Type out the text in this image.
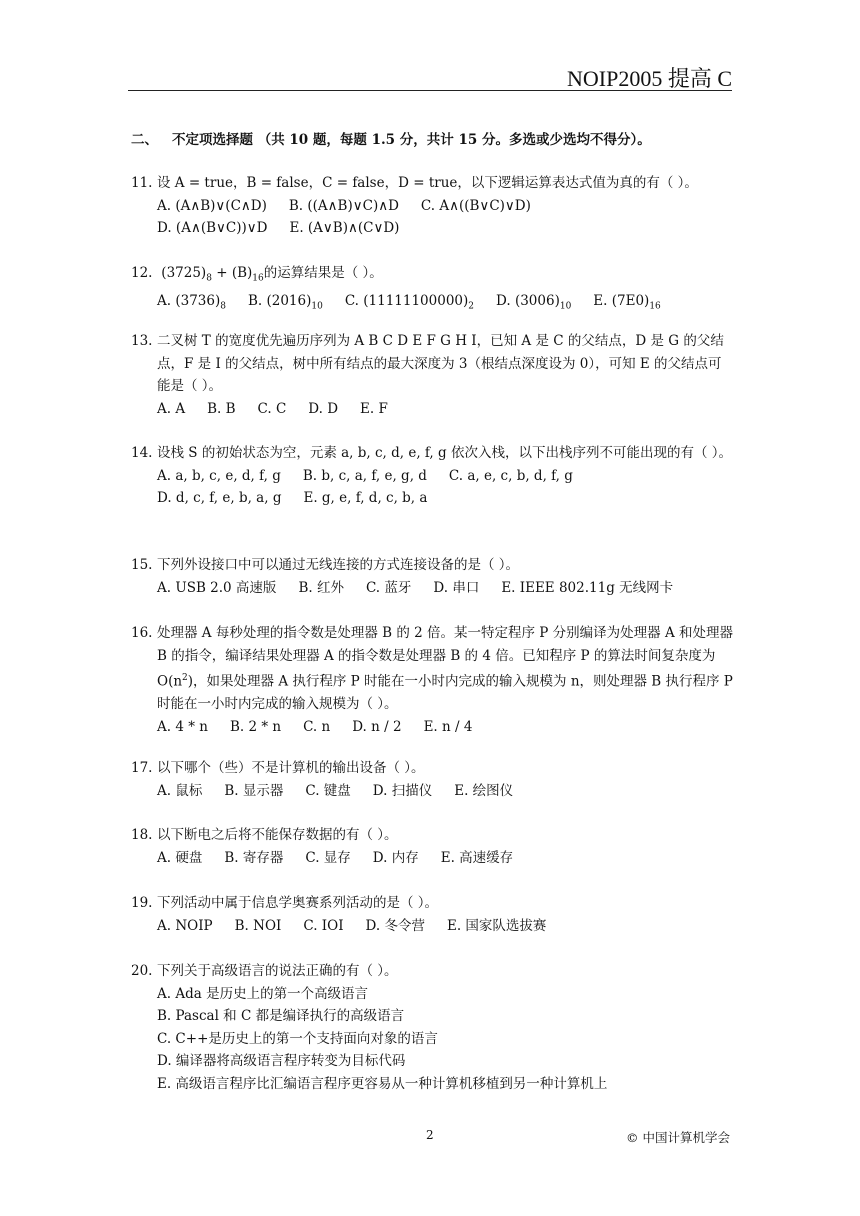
NOIP2005 提高 C
二、 不定项选择题 （共 10 题，每题 1.5 分，共计 15 分。多选或少选均不得分）。
11. 设 A = true，B = false，C = false，D = true，以下逻辑运算表达式值为真的有（ ）。
A. (A∧B)∨(C∧D) B. ((A∧B)∨C)∧D C. A∧((B∨C)∨D)
D. (A∧(B∨C))∨D E. (A∨B)∧(C∨D)
12. $(3725)_8 + (B)_{16}$的运算结果是（ ）。
A. $(3736)_8$ B. $(2016)_{10}$ C. $(11111100000)_2$ D. $(3006)_{10}$ E. $(7E0)_{16}$
13. 二叉树 T 的宽度优先遍历序列为 A B C D E F G H I，已知 A 是 C 的父结点，D 是 G 的父结点，F 是 I 的父结点，树中所有结点的最大深度为 3（根结点深度设为 0），可知 E 的父结点可能是（ ）。
A. A B. B C. C D. D E. F
14. 设栈 S 的初始状态为空，元素 a, b, c, d, e, f, g 依次入栈，以下出栈序列不可能出现的有（ ）。
A. a, b, c, e, d, f, g B. b, c, a, f, e, g, d C. a, e, c, b, d, f, g
D. d, c, f, e, b, a, g E. g, e, f, d, c, b, a
15. 下列外设接口中可以通过无线连接的方式连接设备的是（ ）。
A. USB 2.0 高速版 B. 红外 C. 蓝牙 D. 串口 E. IEEE 802.11g 无线网卡
16. 处理器 A 每秒处理的指令数是处理器 B 的 2 倍。某一特定程序 P 分别编译为处理器 A 和处理器 B 的指令，编译结果处理器 A 的指令数是处理器 B 的 4 倍。已知程序 P 的算法时间复杂度为 $O(n^2)$，如果处理器 A 执行程序 P 时能在一小时内完成的输入规模为 n，则处理器 B 执行程序 P 时能在一小时内完成的输入规模为（ ）。
A. 4 * n B. 2 * n C. n D. n / 2 E. n / 4
17. 以下哪个（些）不是计算机的输出设备（ ）。
A. 鼠标 B. 显示器 C. 键盘 D. 扫描仪 E. 绘图仪
18. 以下断电之后将不能保存数据的有（ ）。
A. 硬盘 B. 寄存器 C. 显存 D. 内存 E. 高速缓存
19. 下列活动中属于信息学奥赛系列活动的是（ ）。
A. NOIP B. NOI C. IOI D. 冬令营 E. 国家队选拔赛
20. 下列关于高级语言的说法正确的有（ ）。
A. Ada 是历史上的第一个高级语言
B. Pascal 和 C 都是编译执行的高级语言
C. C++是历史上的第一个支持面向对象的语言
D. 编译器将高级语言程序转变为目标代码
E. 高级语言程序比汇编语言程序更容易从一种计算机移植到另一种计算机上
2	© 中国计算机学会
